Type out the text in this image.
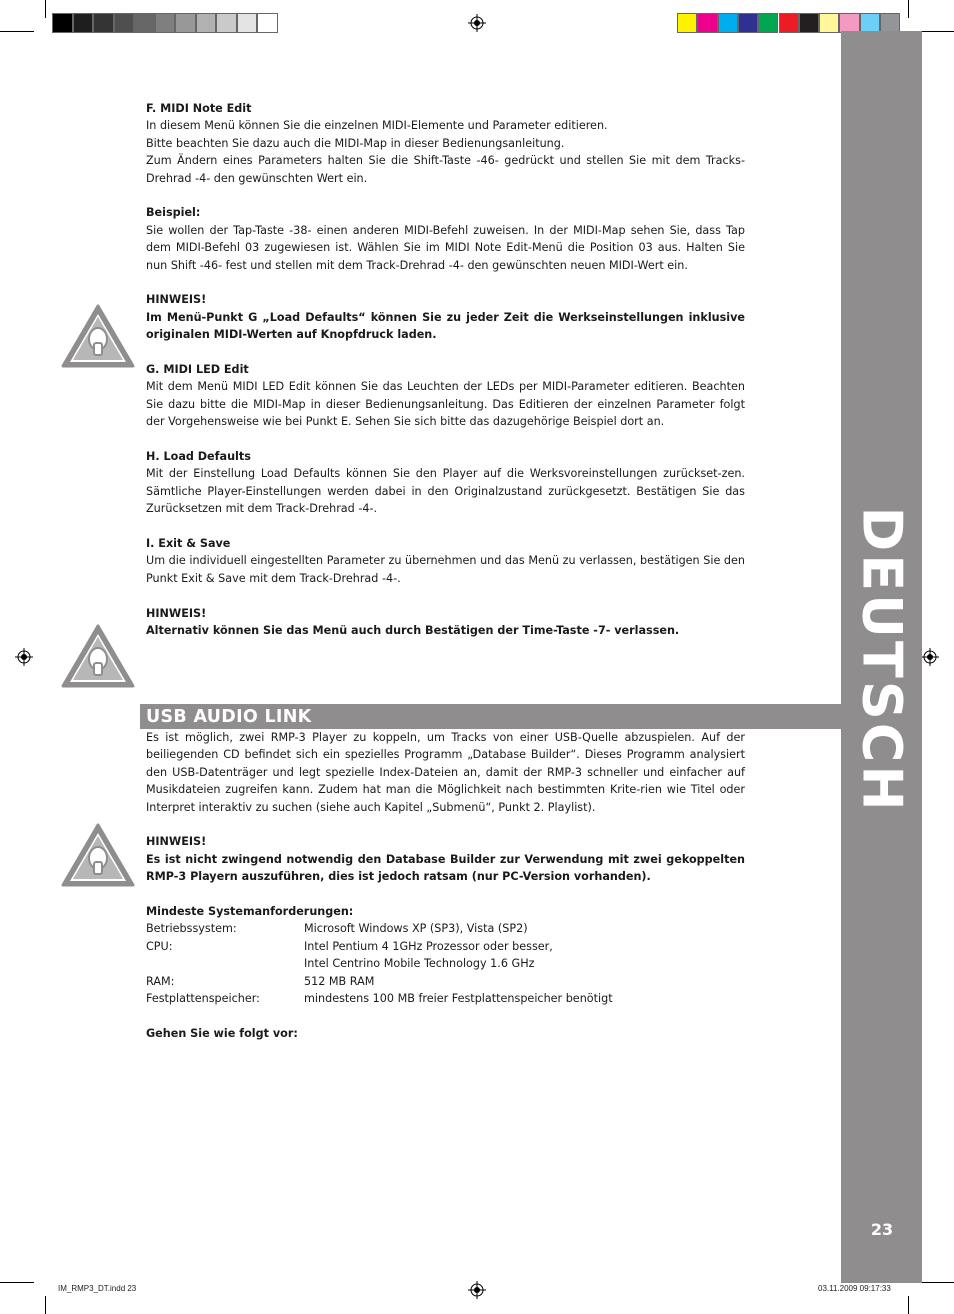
DEUTSCH
23
F. MIDI Note Edit

In diesem Menü können Sie die einzelnen MIDI-Elemente und Parameter editieren.

Bitte beachten Sie dazu auch die MIDI-Map in dieser Bedienungsanleitung.

Zum Ändern eines Parameters halten Sie die Shift-Taste -46- gedrückt und stellen Sie mit dem Tracks-Drehrad -4- den gewünschten Wert ein.

Beispiel:

Sie wollen der Tap-Taste -38- einen anderen MIDI-Befehl zuweisen. In der MIDI-Map sehen Sie, dass Tap dem MIDI-Befehl 03 zugewiesen ist. Wählen Sie im MIDI Note Edit-Menü die Position 03 aus. Halten Sie nun Shift -46- fest und stellen mit dem Track-Drehrad -4- den gewünschten neuen MIDI-Wert ein.

HINWEIS!

Im Menü-Punkt G „Load Defaults“ können Sie zu jeder Zeit die Werkseinstellungen inklusive originalen MIDI-Werten auf Knopfdruck laden.

G. MIDI LED Edit

Mit dem Menü MIDI LED Edit können Sie das Leuchten der LEDs per MIDI-Parameter editieren. Beachten Sie dazu bitte die MIDI-Map in dieser Bedienungsanleitung. Das Editieren der einzelnen Parameter folgt der Vorgehensweise wie bei Punkt E. Sehen Sie sich bitte das dazugehörige Beispiel dort an.

H. Load Defaults

Mit der Einstellung Load Defaults können Sie den Player auf die Werksvoreinstellungen zurückset-zen. Sämtliche Player-Einstellungen werden dabei in den Originalzustand zurückgesetzt. Bestätigen Sie das Zurücksetzen mit dem Track-Drehrad -4-.

I. Exit & Save

Um die individuell eingestellten Parameter zu übernehmen und das Menü zu verlassen, bestätigen Sie den Punkt Exit & Save mit dem Track-Drehrad -4-.

HINWEIS!

Alternativ können Sie das Menü auch durch Bestätigen der Time-Taste -7- verlassen.

USB AUDIO LINK

Es ist möglich, zwei RMP-3 Player zu koppeln, um Tracks von einer USB-Quelle abzuspielen. Auf der beiliegenden CD befindet sich ein spezielles Programm „Database Builder“. Dieses Programm analysiert den USB-Datenträger und legt spezielle Index-Dateien an, damit der RMP-3 schneller und einfacher auf Musikdateien zugreifen kann. Zudem hat man die Möglichkeit nach bestimmten Krite-rien wie Titel oder Interpret interaktiv zu suchen (siehe auch Kapitel „Submenü“, Punkt 2. Playlist).

HINWEIS!

Es ist nicht zwingend notwendig den Database Builder zur Verwendung mit zwei gekoppelten RMP-3 Playern auszuführen, dies ist jedoch ratsam (nur PC-Version vorhanden).

Mindeste Systemanforderungen:
Betriebssystem:	Microsoft Windows XP (SP3), Vista (SP2)
CPU:	Intel Pentium 4 1GHz Prozessor oder besser,
Intel Centrino Mobile Technology 1.6 GHz
RAM:	512 MB RAM
Festplattenspeicher:	mindestens 100 MB freier Festplattenspeicher benötigt
Gehen Sie wie folgt vor:
IM_RMP3_DT.indd 23	03.11.2009 09:17:33
